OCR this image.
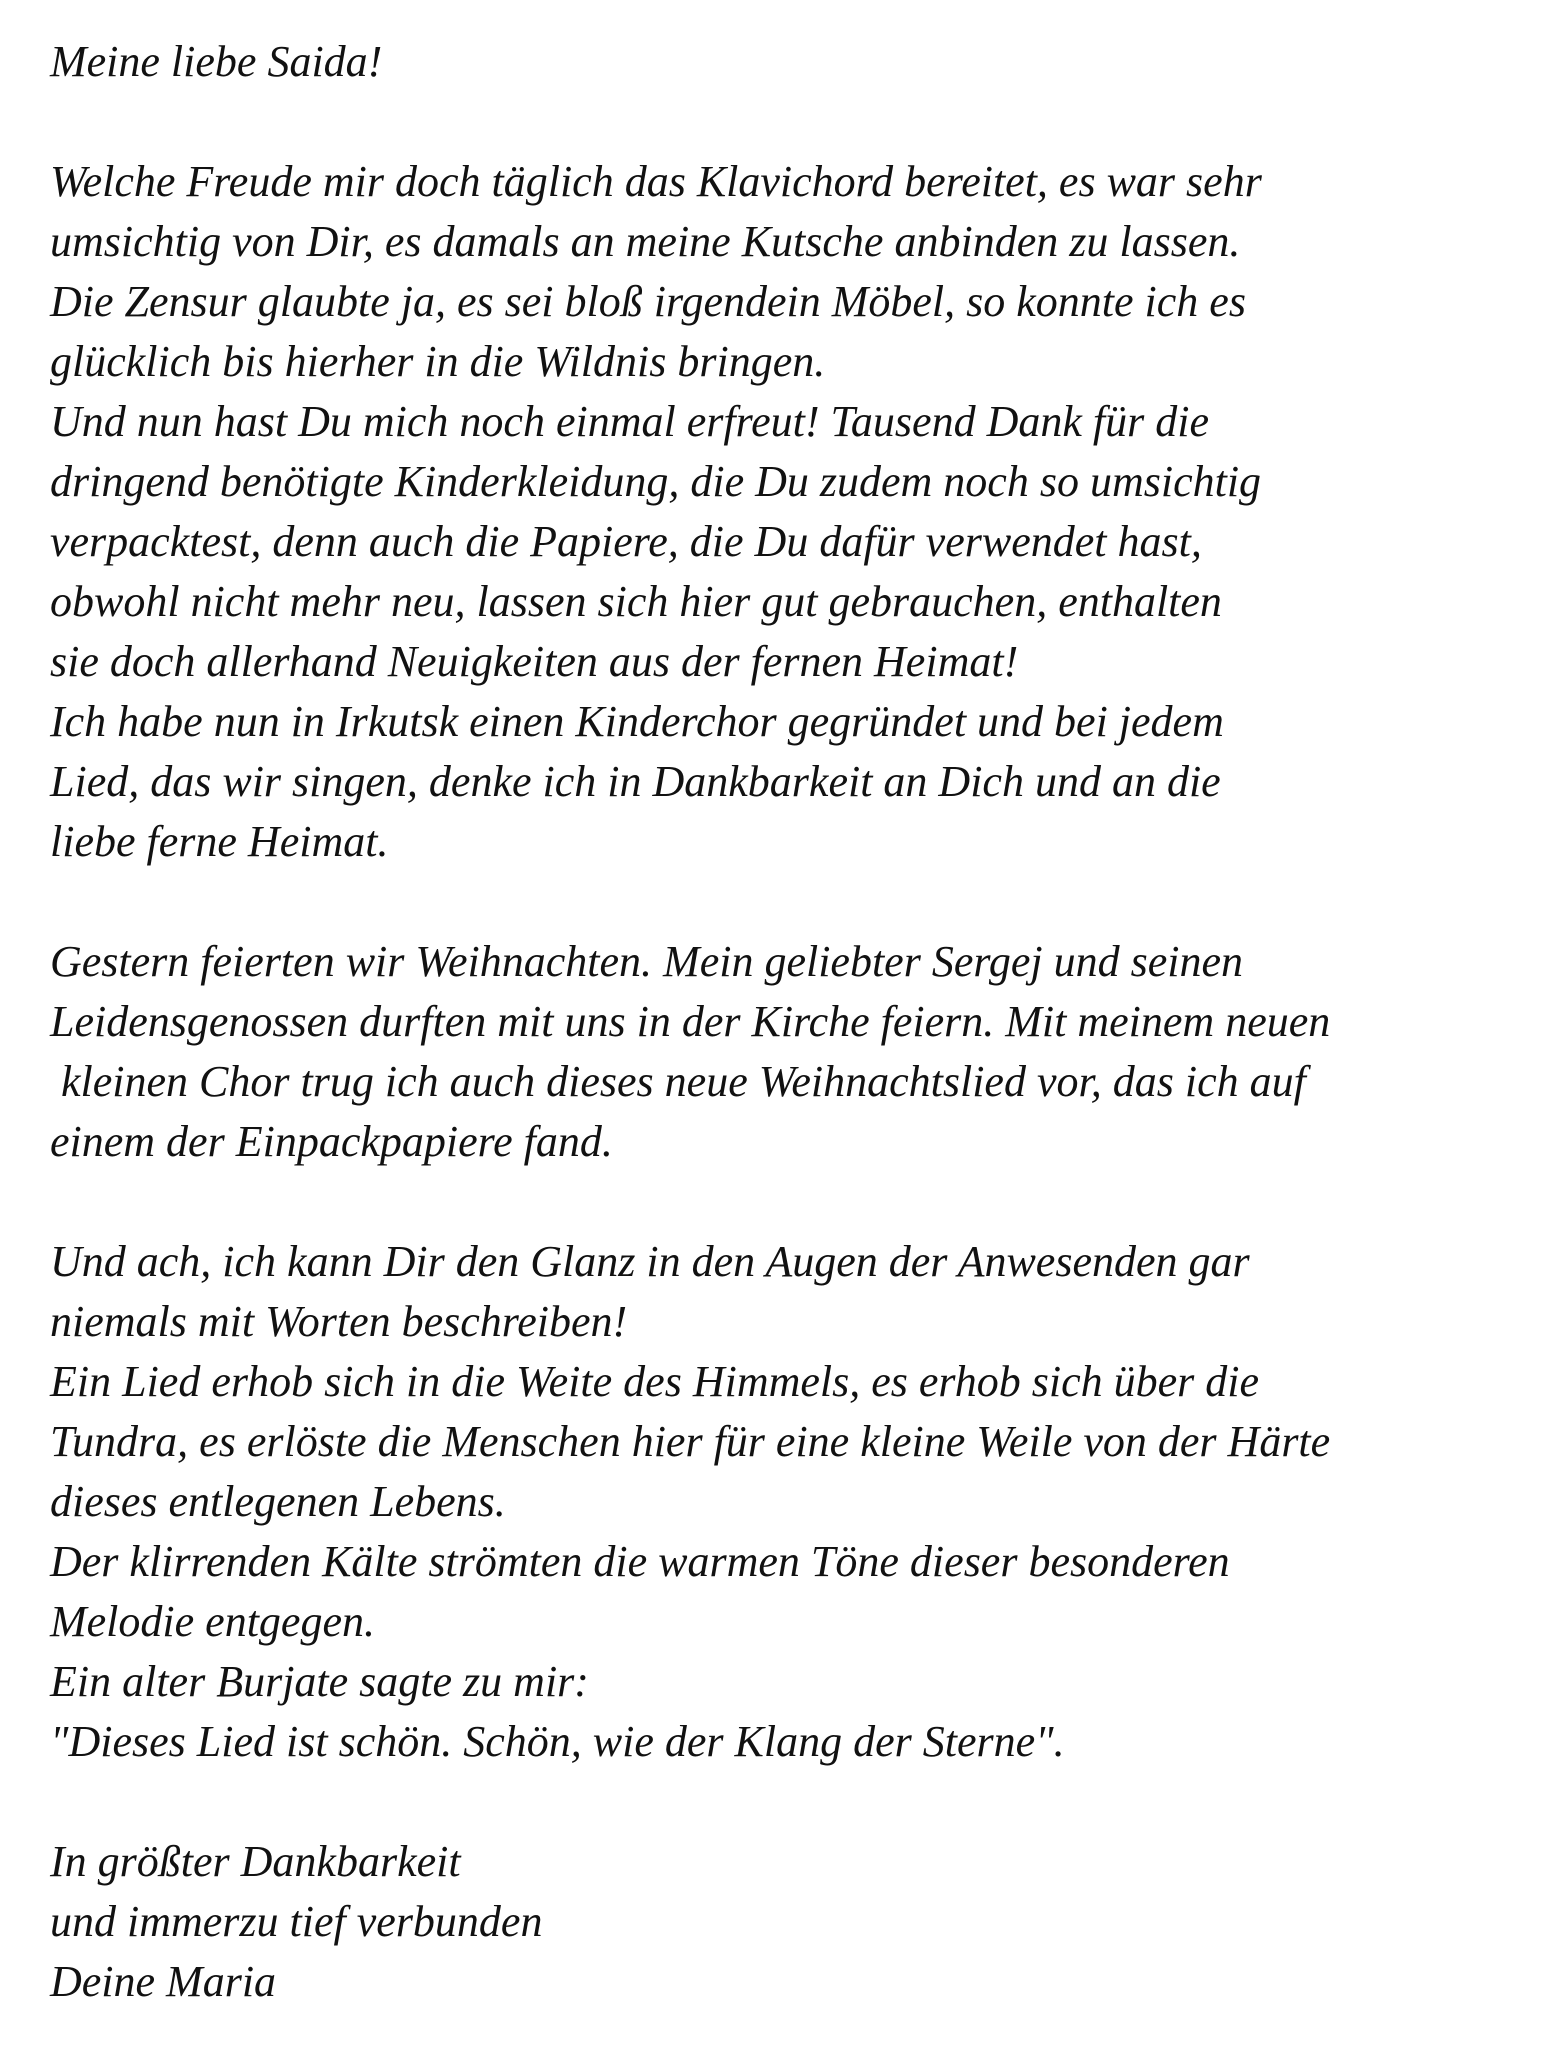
Meine liebe Saida!
Welche Freude mir doch täglich das Klavichord bereitet, es war sehr
umsichtig von Dir, es damals an meine Kutsche anbinden zu lassen.
Die Zensur glaubte ja, es sei bloß irgendein Möbel, so konnte ich es
glücklich bis hierher in die Wildnis bringen.
Und nun hast Du mich noch einmal erfreut! Tausend Dank für die
dringend benötigte Kinderkleidung, die Du zudem noch so umsichtig
verpacktest, denn auch die Papiere, die Du dafür verwendet hast,
obwohl nicht mehr neu, lassen sich hier gut gebrauchen, enthalten
sie doch allerhand Neuigkeiten aus der fernen Heimat!
Ich habe nun in Irkutsk einen Kinderchor gegründet und bei jedem
Lied, das wir singen, denke ich in Dankbarkeit an Dich und an die
liebe ferne Heimat.
Gestern feierten wir Weihnachten. Mein geliebter Sergej und seinen
Leidensgenossen durften mit uns in der Kirche feiern. Mit meinem neuen
kleinen Chor trug ich auch dieses neue Weihnachtslied vor, das ich auf
einem der Einpackpapiere fand.
Und ach, ich kann Dir den Glanz in den Augen der Anwesenden gar
niemals mit Worten beschreiben!
Ein Lied erhob sich in die Weite des Himmels, es erhob sich über die
Tundra, es erlöste die Menschen hier für eine kleine Weile von der Härte
dieses entlegenen Lebens.
Der klirrenden Kälte strömten die warmen Töne dieser besonderen
Melodie entgegen.
Ein alter Burjate sagte zu mir:
"Dieses Lied ist schön. Schön, wie der Klang der Sterne".
In größter Dankbarkeit
und immerzu tief verbunden
Deine Maria
